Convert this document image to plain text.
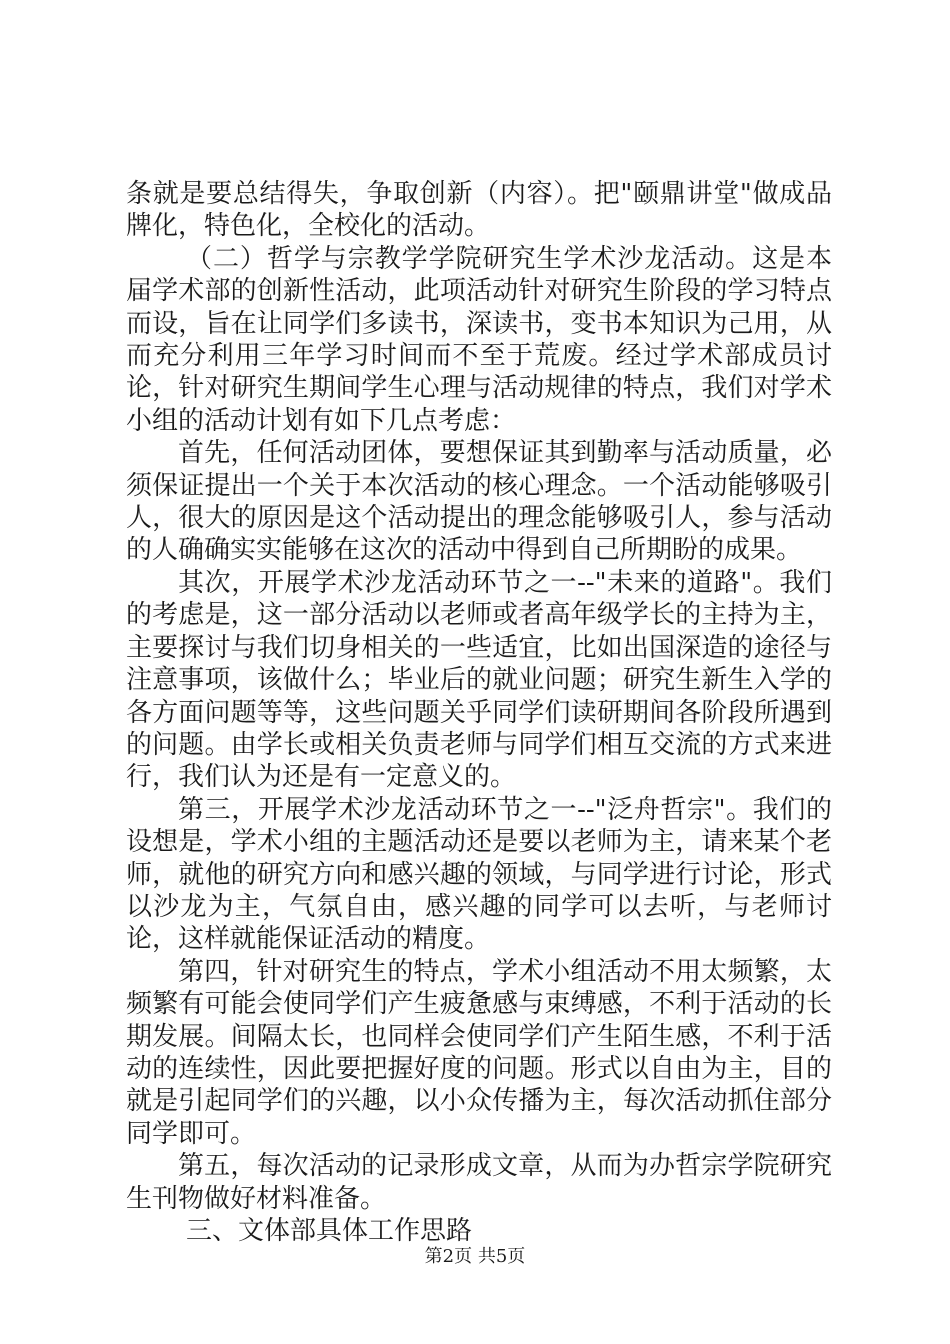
条就是要总结得失，争取创新（内容）。把"颐鼎讲堂"做成品牌化，特色化，全校化的活动。

（二）哲学与宗教学学院研究生学术沙龙活动。这是本届学术部的创新性活动，此项活动针对研究生阶段的学习特点而设，旨在让同学们多读书，深读书，变书本知识为己用，从而充分利用三年学习时间而不至于荒废。经过学术部成员讨论，针对研究生期间学生心理与活动规律的特点，我们对学术小组的活动计划有如下几点考虑：

首先，任何活动团体，要想保证其到勤率与活动质量，必须保证提出一个关于本次活动的核心理念。一个活动能够吸引人，很大的原因是这个活动提出的理念能够吸引人，参与活动的人确确实实能够在这次的活动中得到自己所期盼的成果。

其次，开展学术沙龙活动环节之一--"未来的道路"。我们的考虑是，这一部分活动以老师或者高年级学长的主持为主，主要探讨与我们切身相关的一些适宜，比如出国深造的途径与注意事项，该做什么；毕业后的就业问题；研究生新生入学的各方面问题等等，这些问题关乎同学们读研期间各阶段所遇到的问题。由学长或相关负责老师与同学们相互交流的方式来进行，我们认为还是有一定意义的。

第三，开展学术沙龙活动环节之一--"泛舟哲宗"。我们的设想是，学术小组的主题活动还是要以老师为主，请来某个老师，就他的研究方向和感兴趣的领域，与同学进行讨论，形式以沙龙为主，气氛自由，感兴趣的同学可以去听，与老师讨论，这样就能保证活动的精度。

第四，针对研究生的特点，学术小组活动不用太频繁，太频繁有可能会使同学们产生疲惫感与束缚感，不利于活动的长期发展。间隔太长，也同样会使同学们产生陌生感，不利于活动的连续性，因此要把握好度的问题。形式以自由为主，目的就是引起同学们的兴趣，以小众传播为主，每次活动抓住部分同学即可。

第五，每次活动的记录形成文章，从而为办哲宗学院研究生刊物做好材料准备。

三、文体部具体工作思路

第2页 共5页
